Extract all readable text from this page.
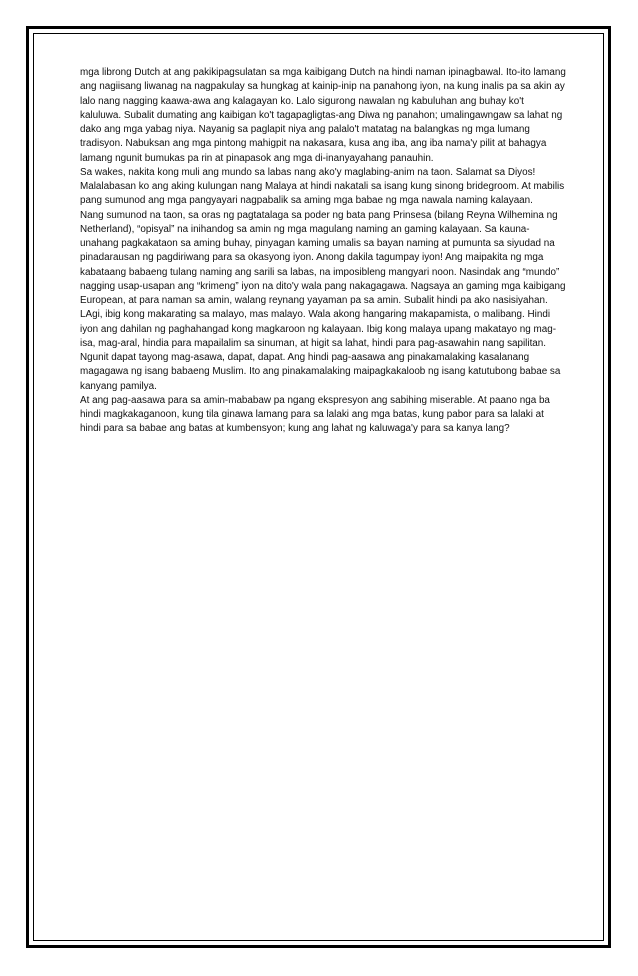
mga librong Dutch at ang pakikipagsulatan sa mga kaibigang Dutch na hindi naman ipinagbawal. Ito-ito lamang
ang nagiisang liwanag na nagpakulay sa hungkag at kainip-inip na panahong iyon, na kung inalis pa sa akin ay
lalo nang nagging kaawa-awa ang kalagayan ko. Lalo sigurong nawalan ng kabuluhan ang buhay ko't
kaluluwa. Subalit dumating ang kaibigan ko't tagapagligtas-ang Diwa ng panahon; umalingawngaw sa lahat ng
dako ang mga yabag niya. Nayanig sa paglapit niya ang palalo't matatag na balangkas ng mga lumang
tradisyon. Nabuksan ang mga pintong mahigpit na nakasara, kusa ang iba, ang iba nama'y pilit at bahagya
lamang ngunit bumukas pa rin at pinapasok ang mga di-inanyayahang panauhin.
Sa wakes, nakita kong muli ang mundo sa labas nang ako'y maglabing-anim na taon. Salamat sa Diyos!
Malalabasan ko ang aking kulungan nang Malaya at hindi nakatali sa isang kung sinong bridegroom. At mabilis
pang sumunod ang mga pangyayari nagpabalik sa aming mga babae ng mga nawala naming kalayaan.
Nang sumunod na taon, sa oras ng pagtatalaga sa poder ng bata pang Prinsesa (bilang Reyna Wilhemina ng
Netherland), “opisyal” na inihandog sa amin ng mga magulang naming an gaming kalayaan. Sa kauna-
unahang pagkakataon sa aming buhay, pinyagan kaming umalis sa bayan naming at pumunta sa siyudad na
pinadarausan ng pagdiriwang para sa okasyong iyon. Anong dakila tagumpay iyon! Ang maipakita ng mga
kabataang babaeng tulang naming ang sarili sa labas, na imposibleng mangyari noon. Nasindak ang “mundo”
nagging usap-usapan ang “krimeng” iyon na dito'y wala pang nakagagawa. Nagsaya an gaming mga kaibigang
European, at para naman sa amin, walang reynang yayaman pa sa amin. Subalit hindi pa ako nasisiyahan.
LAgi, ibig kong makarating sa malayo, mas malayo. Wala akong hangaring makapamista, o malibang. Hindi
iyon ang dahilan ng paghahangad kong magkaroon ng kalayaan. Ibig kong malaya upang makatayo ng mag-
isa, mag-aral, hindia para mapailalim sa sinuman, at higit sa lahat, hindi para pag-asawahin nang sapilitan.
Ngunit dapat tayong mag-asawa, dapat, dapat. Ang hindi pag-aasawa ang pinakamalaking kasalanang
magagawa ng isang babaeng Muslim. Ito ang pinakamalaking maipagkakaloob ng isang katutubong babae sa
kanyang pamilya.
At ang pag-aasawa para sa amin-mababaw pa ngang ekspresyon ang sabihing miserable. At paano nga ba
hindi magkakaganoon, kung tila ginawa lamang para sa lalaki ang mga batas, kung pabor para sa lalaki at
hindi para sa babae ang batas at kumbensyon; kung ang lahat ng kaluwaga'y para sa kanya lang?
